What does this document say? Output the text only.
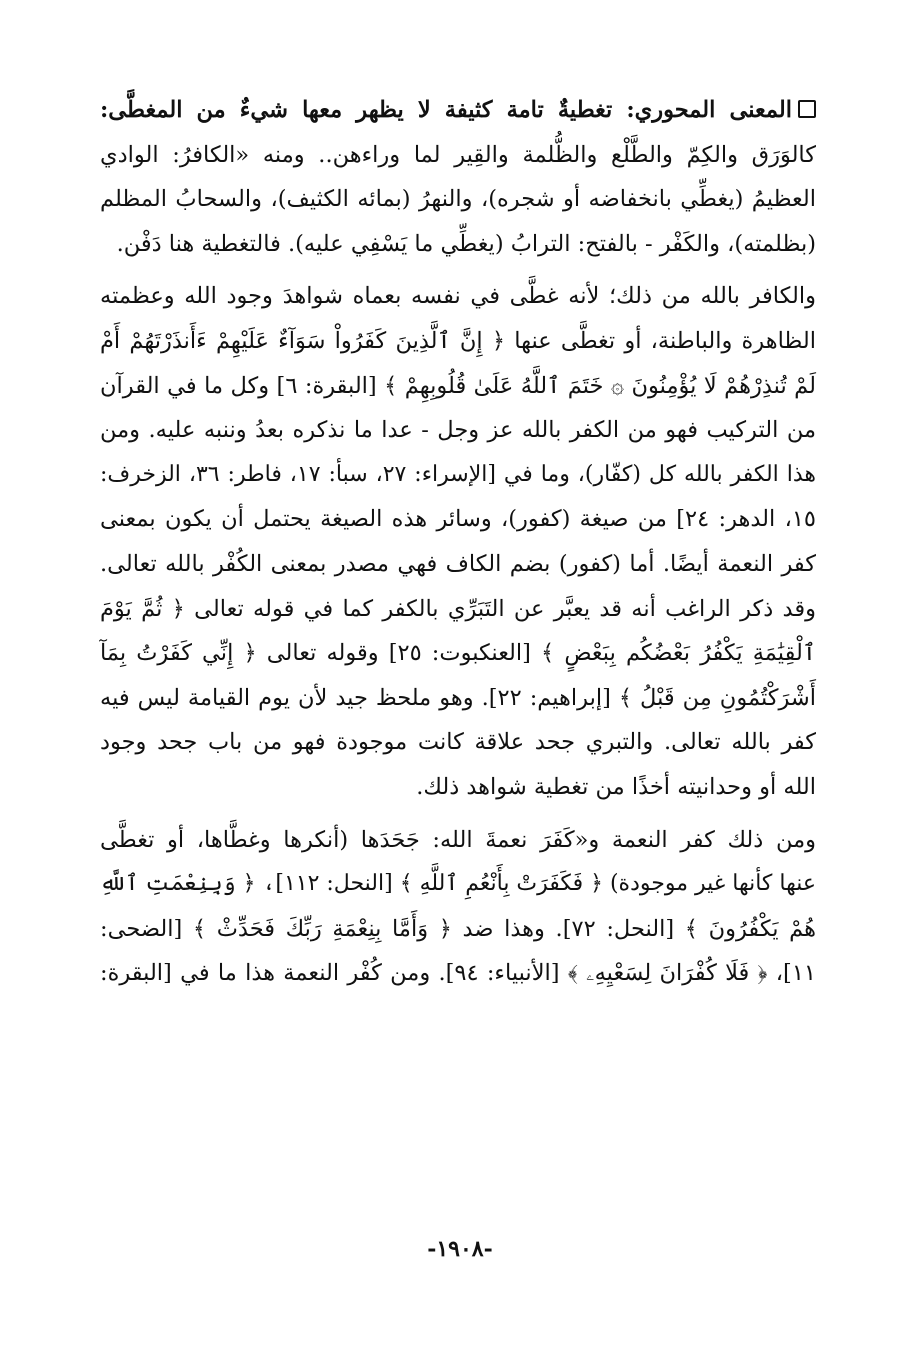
المعنى المحوري: تغطيةٌ تامة كثيفة لا يظهر معها شيءٌ من المغطَّى:
كالوَرَق والكِمّ والطَّلْع والظُّلمة والقِير لما وراءهن.. ومنه «الكافرُ: الوادي
العظيمُ (يغطِّي بانخفاضه أو شجره)، والنهرُ (بمائه الكثيف)، والسحابُ المظلم
(بظلمته)، والكَفْر - بالفتح: الترابُ (يغطِّي ما يَسْفِي عليه). فالتغطية هنا دَفْن.
والكافر بالله من ذلك؛ لأنه غطَّى في نفسه بعماه شواهدَ وجود الله وعظمته
الظاهرة والباطنة، أو تغطَّى عنها ﴿ إِنَّ ٱلَّذِينَ كَفَرُواْ سَوَآءٌ عَلَيْهِمْ ءَأَنذَرْتَهُمْ أَمْ
لَمْ تُنذِرْهُمْ لَا يُؤْمِنُونَ ۞ خَتَمَ ٱللَّهُ عَلَىٰ قُلُوبِهِمْ ﴾ [البقرة: ٦] وكل ما في القرآن
من التركيب فهو من الكفر بالله عز وجل - عدا ما نذكره بعدُ وننبه عليه. ومن
هذا الكفر بالله كل (كفّار)، وما في [الإسراء: ٢٧، سبأ: ١٧، فاطر: ٣٦، الزخرف:
١٥، الدهر: ٢٤] من صيغة (كفور)، وسائر هذه الصيغة يحتمل أن يكون بمعنى
كفر النعمة أيضًا. أما (كفور) بضم الكاف فهي مصدر بمعنى الكُفْر بالله تعالى.
وقد ذكر الراغب أنه قد يعبَّر عن التَبَرِّي بالكفر كما في قوله تعالى ﴿ ثُمَّ يَوْمَ
ٱلْقِيَٰمَةِ يَكْفُرُ بَعْضُكُم بِبَعْضٍ ﴾ [العنكبوت: ٢٥] وقوله تعالى ﴿ إِنِّي كَفَرْتُ بِمَآ
أَشْرَكْتُمُونِ مِن قَبْلُ ﴾ [إبراهيم: ٢٢]. وهو ملحظ جيد لأن يوم القيامة ليس فيه
كفر بالله تعالى. والتبري جحد علاقة كانت موجودة فهو من باب جحد وجود
الله أو وحدانيته أخذًا من تغطية شواهد ذلك.
ومن ذلك كفر النعمة و«كَفَرَ نعمةَ الله: جَحَدَها (أنكرها وغطَّاها، أو تغطَّى
عنها كأنها غير موجودة) ﴿ فَكَفَرَتْ بِأَنْعُمِ ٱللَّهِ ﴾ [النحل: ١١٢]، ﴿ وَبِنِعْمَتِ ٱللَّهِ
هُمْ يَكْفُرُونَ ﴾ [النحل: ٧٢]. وهذا ضد ﴿ وَأَمَّا بِنِعْمَةِ رَبِّكَ فَحَدِّثْ ﴾ [الضحى:
١١]، ﴿ فَلَا كُفْرَانَ لِسَعْيِهِۦ ﴾ [الأنبياء: ٩٤]. ومن كُفْر النعمة هذا ما في [البقرة:
-١٩٠٨-
